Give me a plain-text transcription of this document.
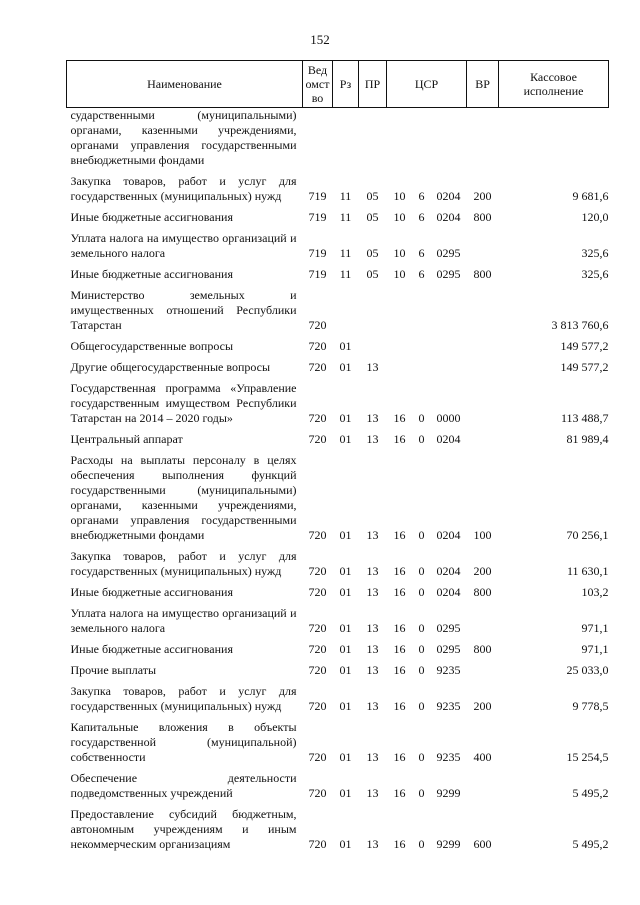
152
Наименование	Ведомство	Рз	ПР	ЦСР			ВР	Кассовое исполнение
сударственными (муниципальными) органами, казенными учреждениями, органами управления государственными внебюджетными фондами								
Закупка товаров, работ и услуг для государственных (муниципальных) нужд	719	11	05	10	6	0204	200	9 681,6
Иные бюджетные ассигнования	719	11	05	10	6	0204	800	120,0
Уплата налога на имущество организаций и земельного налога	719	11	05	10	6	0295		325,6
Иные бюджетные ассигнования	719	11	05	10	6	0295	800	325,6
Министерство земельных и имущественных отношений Республики Татарстан	720							3 813 760,6
Общегосударственные вопросы	720	01						149 577,2
Другие общегосударственные вопросы	720	01	13					149 577,2
Государственная программа «Управление государственным имуществом Республики Татарстан на 2014 – 2020 годы»	720	01	13	16	0	0000		113 488,7
Центральный аппарат	720	01	13	16	0	0204		81 989,4
Расходы на выплаты персоналу в целях обеспечения выполнения функций государственными (муниципальными) органами, казенными учреждениями, органами управления государственными внебюджетными фондами	720	01	13	16	0	0204	100	70 256,1
Закупка товаров, работ и услуг для государственных (муниципальных) нужд	720	01	13	16	0	0204	200	11 630,1
Иные бюджетные ассигнования	720	01	13	16	0	0204	800	103,2
Уплата налога на имущество организаций и земельного налога	720	01	13	16	0	0295		971,1
Иные бюджетные ассигнования	720	01	13	16	0	0295	800	971,1
Прочие выплаты	720	01	13	16	0	9235		25 033,0
Закупка товаров, работ и услуг для государственных (муниципальных) нужд	720	01	13	16	0	9235	200	9 778,5
Капитальные вложения в объекты государственной (муниципальной) собственности	720	01	13	16	0	9235	400	15 254,5
Обеспечение деятельности подведомственных учреждений	720	01	13	16	0	9299		5 495,2
Предоставление субсидий бюджетным, автономным учреждениям и иным некоммерческим организациям	720	01	13	16	0	9299	600	5 495,2
